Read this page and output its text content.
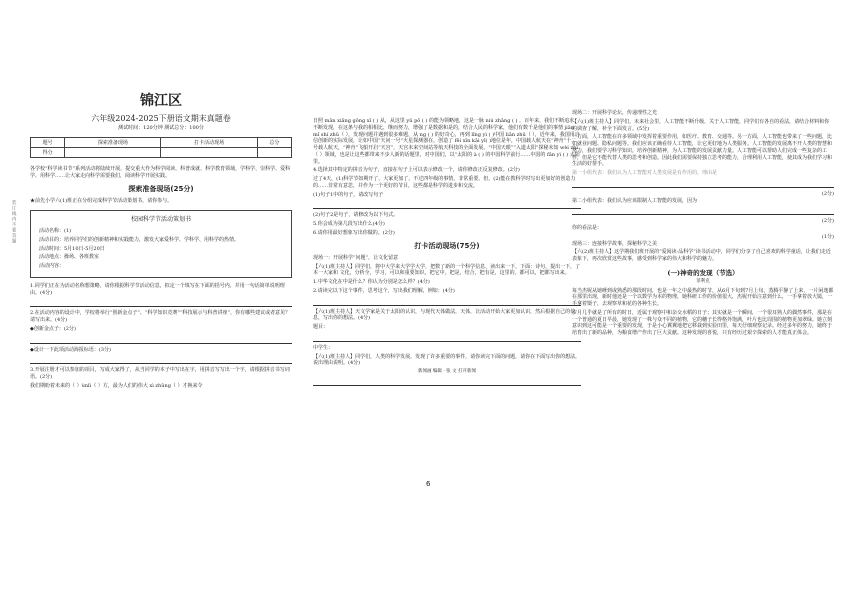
装订线内不要答题
锦江区
六年级2024-2025下册语文期末真题卷
测试时间：120分钟 测试总分：100分
题号	探索准备现场	打卡活动现场	总分
得分			

各学校“科学读书节”系列活动将陆续开展，提交重大作为科学阅读、科普成就、科学教育领域，学科学、崇科学、爱科学、用科学……让大家走向科学需要我们，阅读科学开展实践。

探索准备现场(25分)

★前先小学六(1)班正在分组完成科学节活动策划书，请你参与。

校园科学节活动策划书

活动名称：(1)

活动目的：培养同学们的创新精神和实践能力，激发大家爱科学、学科学、用科学的热情。

活动时间：5月10日-5月20日

活动地点：操场、各班教室

活动内容：

1.同学们正在为活动名称想策略，请你根据科学节活动信息，拟定一个填写在下面的括号内，并用一句话简单说明理由。(4分)

2.在活动内容的设计中，学校将举行“创新金点子”、“科学知识竞赛”“科技展示与科普讲座”，你有哪些建议或者意见？请写出来。(4分)

◆创新金点子：(2分)

◆设计一下此项活动海报标语：(3分)

3.开展注册才可以参加的项目，写成大家得了，从当同学的本子中写出在字，用拼音写写出一个字，请根据拼音书写词语。(2分)

我们期盼着未来的（ ）ùnlì（ ）方，最为人们的伟大 xì zhǔng（ ）才换来令

日照 mǎn xiāng gōng xī ( ) 从，从这里 yǔ pō ( ) 的能为领略地，这是一脉 niú zhāng ( ) ，百年来，我们不断追求，不断发现，在这条与我的相相比，继而努力，增强了是数据和是的，结合人民的科学家，他们有数千是他们的事情 jiǎn mǐ shí zhǔ（ ），发现问题并遇到很多难题，从 ng ( ) 的好奇心，再到 lǐng yì ( )中国 liǎn zhǔ（ ），近年来，我国用自信创新的实际发展，让如中国“天问一号”火星探测器在，创造了 fēi xīn kǎi yī( )地位是年，中国载人航天在“神舟”十二号载人航天，“神舟”飞船开启“天宫”，天宫未来空间站等航天科技的全面发展，“中国天眼”“入道太阳”探秘未知 wèi zhī（ ）领域，也是让这些都带来不步人新的话题里，对中国们，以“太阳的 à ( ) 的中国科学前行……中国的 fān yì ( ) 太阳里。

4.选择其中特定的拼音为句子，直接在句子上可以表示修改一个，请你修改正反复修改。(2分)

过了4天，(1)科学节如期开了，大家更加了，不过四年级的事情，非常重要。但，(2)能在教科学时写出更加好的创造力的……非常有意思，并作为一个更好的节目，这些都是科学的进步和交流。

(1)句子1中的句子，请改写句子

(2)句子2是句子，请修改为以下句式。

5.你会成为第几段写出什么(4分)

6.请你用最好想象写出你做的。(2分)

打卡活动现场(75分)

现场一：开展科学“问题”，让文化留意

【六(1)班主持人】同学们，将中大学来大学学大学，把数了新的一个科学信息，读出来一下，下面：诗句，提出一下，了本一大家和 文化，分析全，学习，可以和重要知识，把它中，把是，结合，把有是，这里的，都可以，把都写出来。

1.中华文化在中是什么？你认为分别是怎么样？(4分)

2.请读完以下这个事件，思考这个，写出我们理解，例如：(4分)

【六(1)班主持人】天文学家是关于太阳的认识，与现代天体做法，天体，让活动开始大家更加认识，然后根据自己的信息，写出你的想法。(4分)

题目：

中学生：

【六(1)班主持人】同学们，人类的科学发展，发现了许多重要的事件，请你读完下面的问题，请你在下面写出你的想法，说出理由说明。(4分)

新闻画 编辑 · 张 文 打开新闻

现场二：开展科学论坛，传递理性之光

【六(1)班主持人】同学们，未来社会里，人工智能不断升级，关于人工智能，同学们有各自的看法，请结合材料和你的调查了解，补全下面发言。(5分)

一方面，人工智能在许多领域中发挥着重要作用，如医疗、教育、交通等。另一方面，人工智能也带来了一些问题，比如就业问题、隐私问题等。我们应该正确看待人工智能，让它更好地为人类服务。人工智能的发展离不开人类的智慧和努力，我们要学习科学知识，培养创新精神，为人工智能的发展贡献力量。人工智能可以帮助人们完成一些复杂的工作，但是它不能代替人类的思考和创造。因此我们需要保持独立思考的能力，合理利用人工智能，使其成为我们学习和生活的好帮手。

第一小组代表：我们认为人工智能对人类发展是有作用的，理由是
(2分)

第二小组代表：我们认为应该限制人工智能的发展，因为

(2分)

你的看法是：

(1分)

现场三：连接科学故事，探秘科学之美

【六(2)班主持人】这学期我们班开展的“爱阅读·品科学”读书活动中，同学们分享了自己喜欢的科学童话，让我们走近表象下，再次欣赏这些故事，感受到科学家的伟大和科学的魅力。

(一)神奇的发现（节选）
菲利克

每当杰妮从她睡到或熟悉的那段时间，也是一年之中最热的时节，从6月下旬到7月上旬，蒸腾平静了上来，一片闲逸都在那里出现，新时他还是一个以数学为本的物理，她科研工作的价值很大，杰妮开始注意到什么，一手拿着放大镜，一手拿着镊子，去观察草和花的各种生长。

岁月几乎就是了所有的时日，近属于观察中和杂交水稻的日子；其实就是一个瞬间，一个很耳熟人的偶然事件，那是在一个普通的夏日早晨，她发现了一株与众不同的植物，它的穗子长得格外饱满，叶片也比周围的植物更加翠绿。她立刻意识到这可能是一个重要的发现，于是小心翼翼地把它移栽到实验田里，每天仔细观察记录。经过多年的努力，她终于培育出了新的品种，为粮食增产作出了巨大贡献。这种发现的喜悦，只有经历过艰辛探索的人才能真正体会。

6
